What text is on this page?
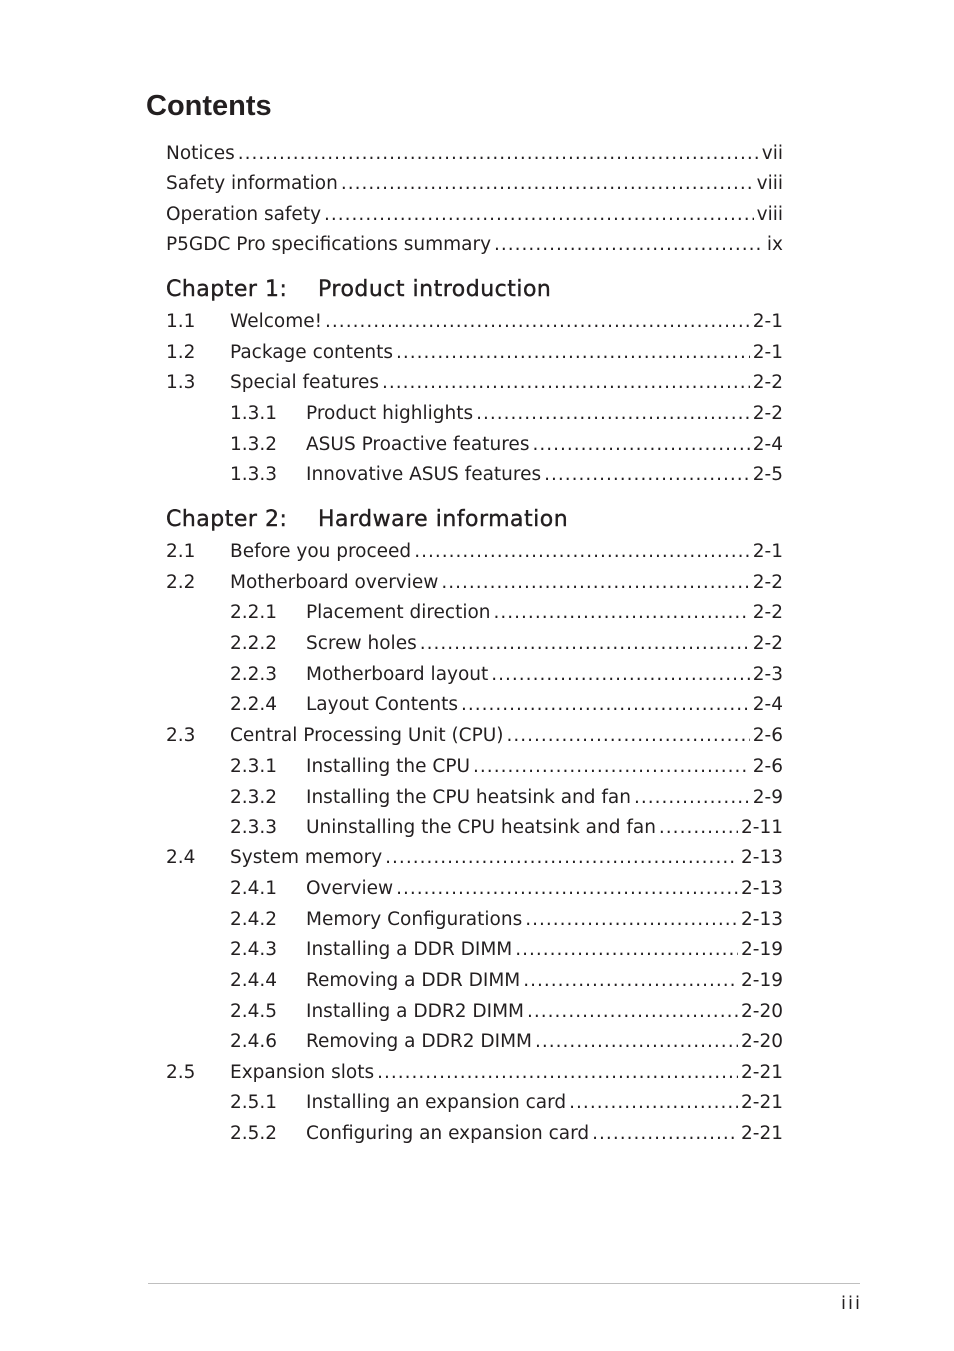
Contents
Notices .....	vii
Safety information .....	viii
Operation safety .....	viii
P5GDC Pro specifications summary .....	ix
Chapter 1: Product introduction
1.1	Welcome! .....	2-1
1.2	Package contents .....	2-1
1.3	Special features .....	2-2
1.3.1	Product highlights .....	2-2
1.3.2	ASUS Proactive features .....	2-4
1.3.3	Innovative ASUS features .....	2-5
Chapter 2: Hardware information
2.1	Before you proceed .....	2-1
2.2	Motherboard overview .....	2-2
2.2.1	Placement direction .....	2-2
2.2.2	Screw holes .....	2-2
2.2.3	Motherboard layout .....	2-3
2.2.4	Layout Contents .....	2-4
2.3	Central Processing Unit (CPU) .....	2-6
2.3.1	Installing the CPU .....	2-6
2.3.2	Installing the CPU heatsink and fan .....	2-9
2.3.3	Uninstalling the CPU heatsink and fan .....	2-11
2.4	System memory .....	2-13
2.4.1	Overview .....	2-13
2.4.2	Memory Configurations .....	2-13
2.4.3	Installing a DDR DIMM .....	2-19
2.4.4	Removing a DDR DIMM .....	2-19
2.4.5	Installing a DDR2 DIMM .....	2-20
2.4.6	Removing a DDR2 DIMM .....	2-20
2.5	Expansion slots .....	2-21
2.5.1	Installing an expansion card .....	2-21
2.5.2	Configuring an expansion card .....	2-21
iii
